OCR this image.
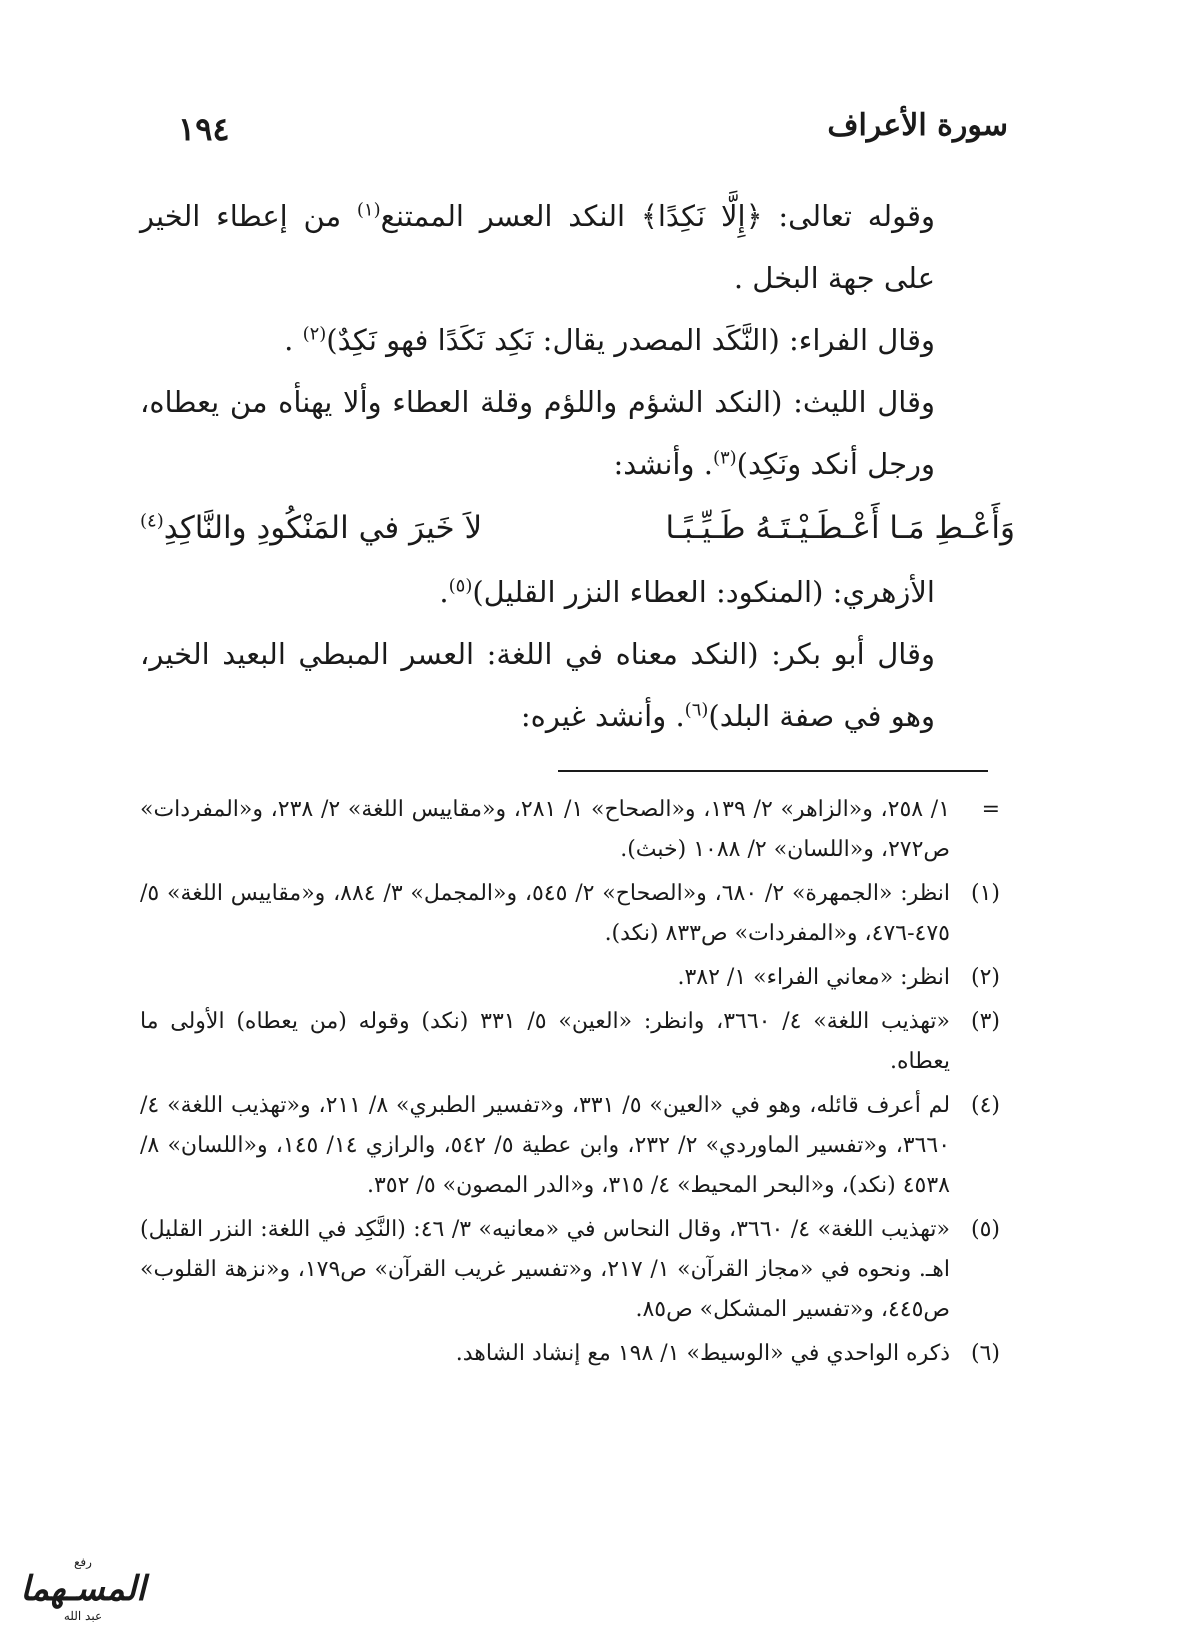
سورة الأعراف
١٩٤

وقوله تعالى: ﴿إِلَّا نَكِدًا﴾ النكد العسر الممتنع$^{(١)}$ من إعطاء الخير على جهة البخل .

وقال الفراء: (النَّكَد المصدر يقال: نَكِد نَكَدًا فهو نَكِدٌ)$^{(٢)}$ .

وقال الليث: (النكد الشؤم واللؤم وقلة العطاء وألا يهنأه من يعطاه، ورجل أنكد ونَكِد)$^{(٣)}$. وأنشد:

وَأَعْـطِ مَـا أَعْـطَـيْـتَـهُ طَـيِّـبًـا
لاَ خَيرَ في المَنْكُودِ والنَّاكِدِ$^{(٤)}$

الأزهري: (المنكود: العطاء النزر القليل)$^{(٥)}$.

وقال أبو بكر: (النكد معناه في اللغة: العسر المبطي البعيد الخير، وهو في صفة البلد)$^{(٦)}$. وأنشد غيره:

=
١/ ٢٥٨، و«الزاهر» ٢/ ١٣٩، و«الصحاح» ١/ ٢٨١، و«مقاييس اللغة» ٢/ ٢٣٨، و«المفردات» ص٢٧٢، و«اللسان» ٢/ ١٠٨٨ (خبث).
(١)
انظر: «الجمهرة» ٢/ ٦٨٠، و«الصحاح» ٢/ ٥٤٥، و«المجمل» ٣/ ٨٨٤، و«مقاييس اللغة» ٥/ ٤٧٥-٤٧٦، و«المفردات» ص٨٣٣ (نكد).
(٢)
انظر: «معاني الفراء» ١/ ٣٨٢.
(٣)
«تهذيب اللغة» ٤/ ٣٦٦٠، وانظر: «العين» ٥/ ٣٣١ (نكد) وقوله (من يعطاه) الأولى ما يعطاه.
(٤)
لم أعرف قائله، وهو في «العين» ٥/ ٣٣١، و«تفسير الطبري» ٨/ ٢١١، و«تهذيب اللغة» ٤/ ٣٦٦٠، و«تفسير الماوردي» ٢/ ٢٣٢، وابن عطية ٥/ ٥٤٢، والرازي ١٤/ ١٤٥، و«اللسان» ٨/ ٤٥٣٨ (نكد)، و«البحر المحيط» ٤/ ٣١٥، و«الدر المصون» ٥/ ٣٥٢.
(٥)
«تهذيب اللغة» ٤/ ٣٦٦٠، وقال النحاس في «معانيه» ٣/ ٤٦: (النَّكِد في اللغة: النزر القليل) اهـ. ونحوه في «مجاز القرآن» ١/ ٢١٧، و«تفسير غريب القرآن» ص١٧٩، و«نزهة القلوب» ص٤٤٥، و«تفسير المشكل» ص٨٥.
(٦)
ذكره الواحدي في «الوسيط» ١/ ١٩٨ مع إنشاد الشاهد.
رفع
المسـهما
عبد الله
